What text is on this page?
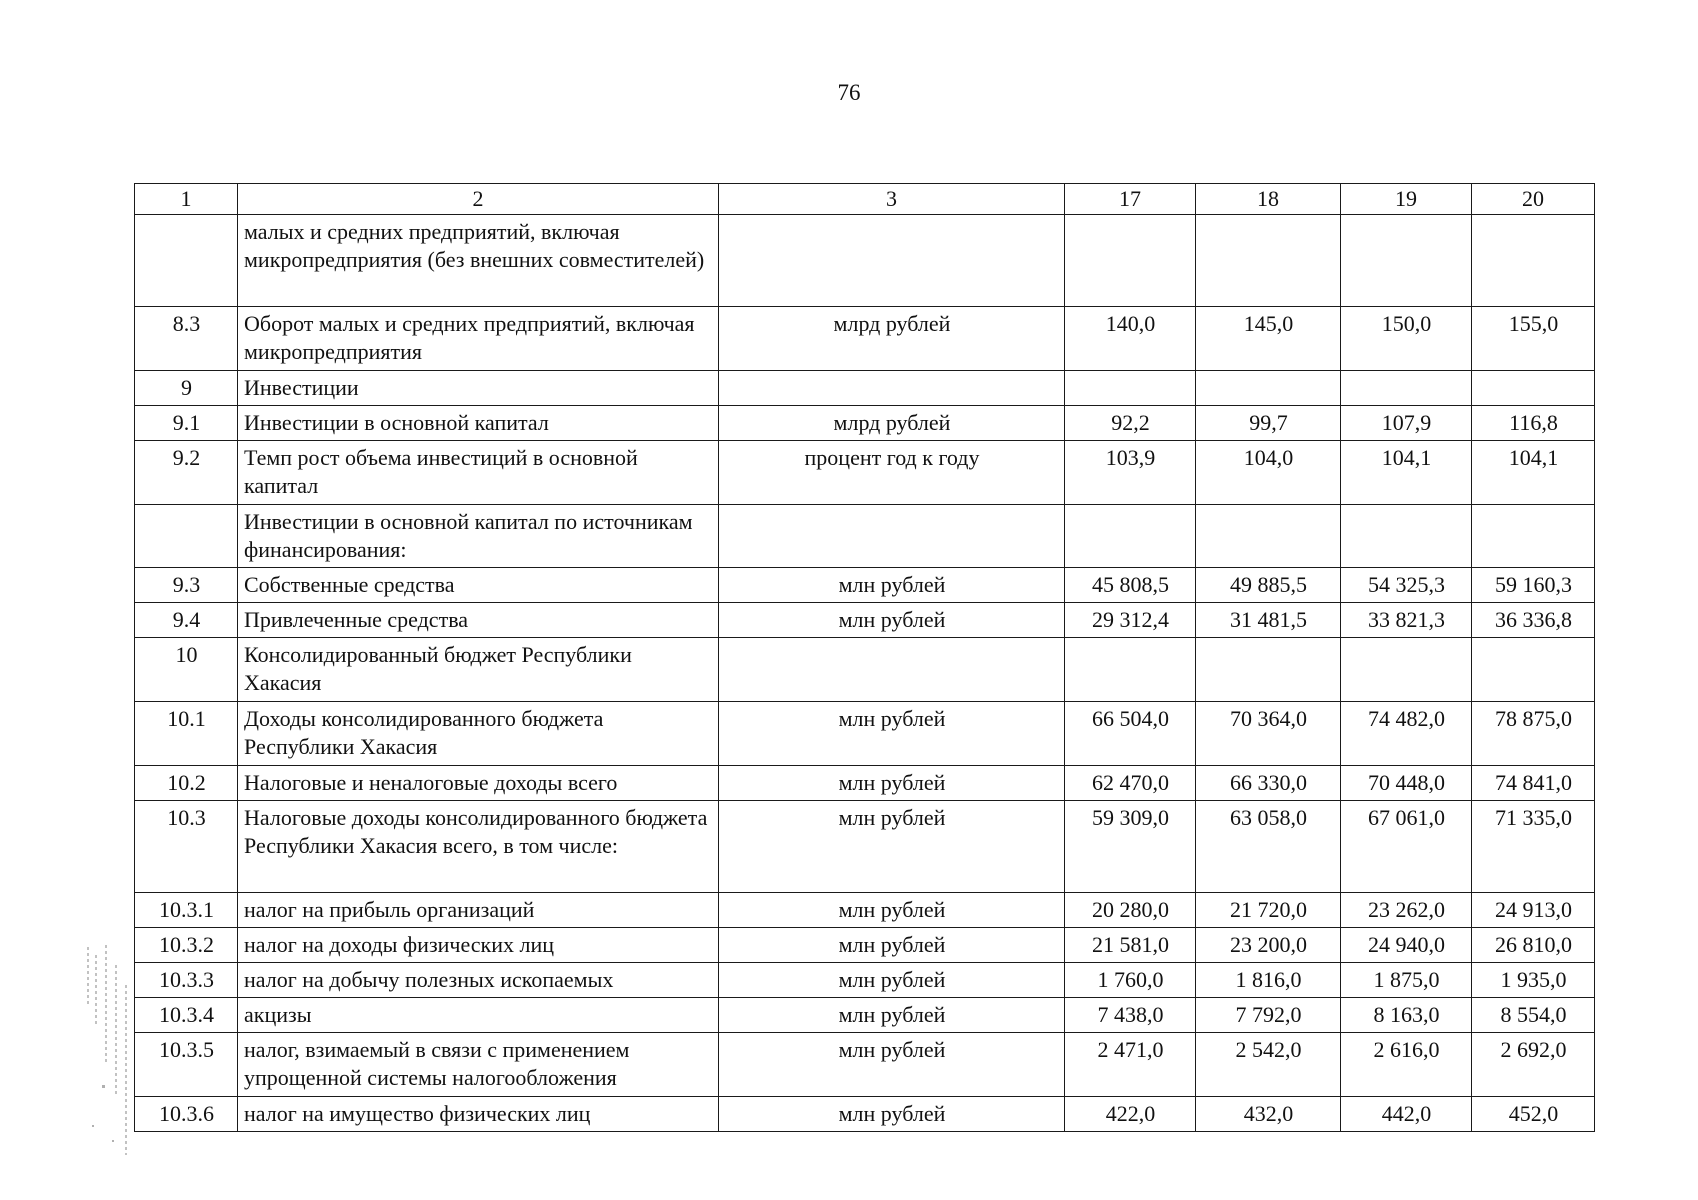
76
1	2	3	17	18	19	20
	малых и средних предприятий, включая микропредприятия (без внешних совместителей)					
8.3	Оборот малых и средних предприятий, включая микропредприятия	млрд рублей	140,0	145,0	150,0	155,0
9	Инвестиции					
9.1	Инвестиции в основной капитал	млрд рублей	92,2	99,7	107,9	116,8
9.2	Темп рост объема инвестиций в основной капитал	процент год к году	103,9	104,0	104,1	104,1
	Инвестиции в основной капитал по источникам финансирования:					
9.3	Собственные средства	млн рублей	45 808,5	49 885,5	54 325,3	59 160,3
9.4	Привлеченные средства	млн рублей	29 312,4	31 481,5	33 821,3	36 336,8
10	Консолидированный бюджет Республики Хакасия					
10.1	Доходы консолидированного бюджета Республики Хакасия	млн рублей	66 504,0	70 364,0	74 482,0	78 875,0
10.2	Налоговые и неналоговые доходы всего	млн рублей	62 470,0	66 330,0	70 448,0	74 841,0
10.3	Налоговые доходы консолидированного бюджета Республики Хакасия всего, в том числе:	млн рублей	59 309,0	63 058,0	67 061,0	71 335,0
10.3.1	налог на прибыль организаций	млн рублей	20 280,0	21 720,0	23 262,0	24 913,0
10.3.2	налог на доходы физических лиц	млн рублей	21 581,0	23 200,0	24 940,0	26 810,0
10.3.3	налог на добычу полезных ископаемых	млн рублей	1 760,0	1 816,0	1 875,0	1 935,0
10.3.4	акцизы	млн рублей	7 438,0	7 792,0	8 163,0	8 554,0
10.3.5	налог, взимаемый в связи с применением упрощенной системы налогообложения	млн рублей	2 471,0	2 542,0	2 616,0	2 692,0
10.3.6	налог на имущество физических лиц	млн рублей	422,0	432,0	442,0	452,0
